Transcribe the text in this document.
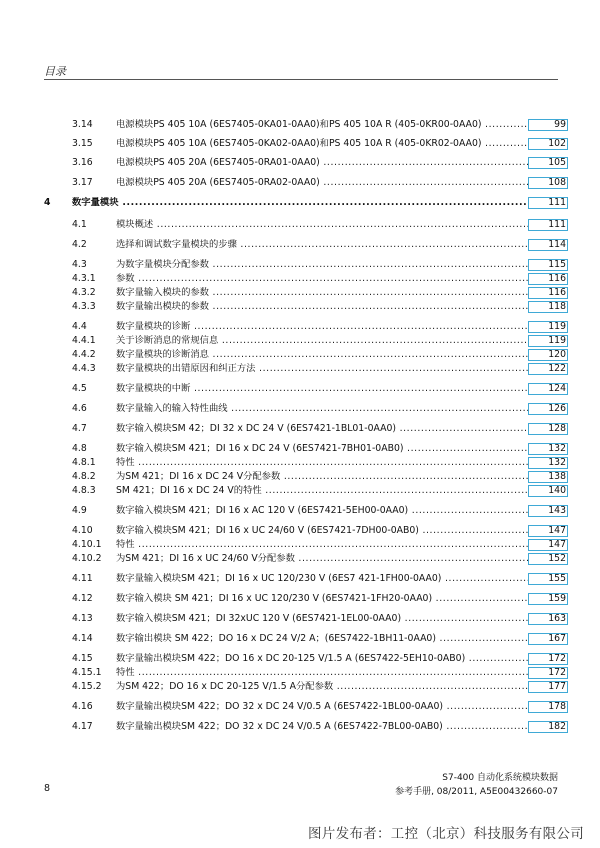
目录
3.14	电源模块PS 405 10A (6ES7405-0KA01-0AA0)和PS 405 10A R (405-0KR00-0AA0) .....	99
3.15	电源模块PS 405 10A (6ES7405-0KA02-0AA0)和PS 405 10A R (405-0KR02-0AA0) .....	102
3.16	电源模块PS 405 20A (6ES7405-0RA01-0AA0) .....	105
3.17	电源模块PS 405 20A (6ES7405-0RA02-0AA0) .....	108
4 数字量模块 .....	111
4.1	模块概述 .....	111
4.2	选择和调试数字量模块的步骤 .....	114
4.3	为数字量模块分配参数 .....	115
4.3.1 参数 .....	116
4.3.2 数字量输入模块的参数 .....	116
4.3.3 数字量输出模块的参数 .....	118
4.4	数字量模块的诊断 .....	119
4.4.1 关于诊断消息的常规信息 .....	119
4.4.2 数字量模块的诊断消息 .....	120
4.4.3 数字量模块的出错原因和纠正方法 .....	122
4.5	数字量模块的中断 .....	124
4.6	数字量输入的输入特性曲线 .....	126
4.7	数字输入模块SM 42；DI 32 x DC 24 V (6ES7421-1BL01-0AA0) .....	128
4.8	数字输入模块SM 421；DI 16 x DC 24 V (6ES7421-7BH01-0AB0) .....	132
4.8.1 特性 .....	132
4.8.2 为SM 421；DI 16 x DC 24 V分配参数 .....	138
4.8.3 SM 421；DI 16 x DC 24 V的特性 .....	140
4.9	数字输入模块SM 421；DI 16 x AC 120 V (6ES7421-5EH00-0AA0) .....	143
4.10	数字输入模块SM 421；DI 16 x UC 24/60 V (6ES7421-7DH00-0AB0) .....	147
4.10.1 特性 .....	147
4.10.2 为SM 421；DI 16 x UC 24/60 V分配参数 .....	152
4.11	数字量输入模块SM 421；DI 16 x UC 120/230 V (6ES7 421-1FH00-0AA0) .....	155
4.12	数字输入模块 SM 421；DI 16 x UC 120/230 V (6ES7421-1FH20-0AA0) .....	159
4.13	数字输入模块SM 421；DI 32xUC 120 V (6ES7421-1EL00-0AA0) .....	163
4.14	数字输出模块 SM 422；DO 16 x DC 24 V/2 A；(6ES7422-1BH11-0AA0) .....	167
4.15	数字量输出模块SM 422；DO 16 x DC 20-125 V/1.5 A (6ES7422-5EH10-0AB0) .....	172
4.15.1 特性 .....	172
4.15.2 为SM 422；DO 16 x DC 20-125 V/1.5 A分配参数 .....	177
4.16	数字量输出模块SM 422；DO 32 x DC 24 V/0.5 A (6ES7422-1BL00-0AA0) .....	178
4.17	数字量输出模块SM 422；DO 32 x DC 24 V/0.5 A (6ES7422-7BL00-0AB0) .....	182
8
S7-400 自动化系统模块数据
参考手册, 08/2011, A5E00432660-07
图片发布者：工控（北京）科技服务有限公司
